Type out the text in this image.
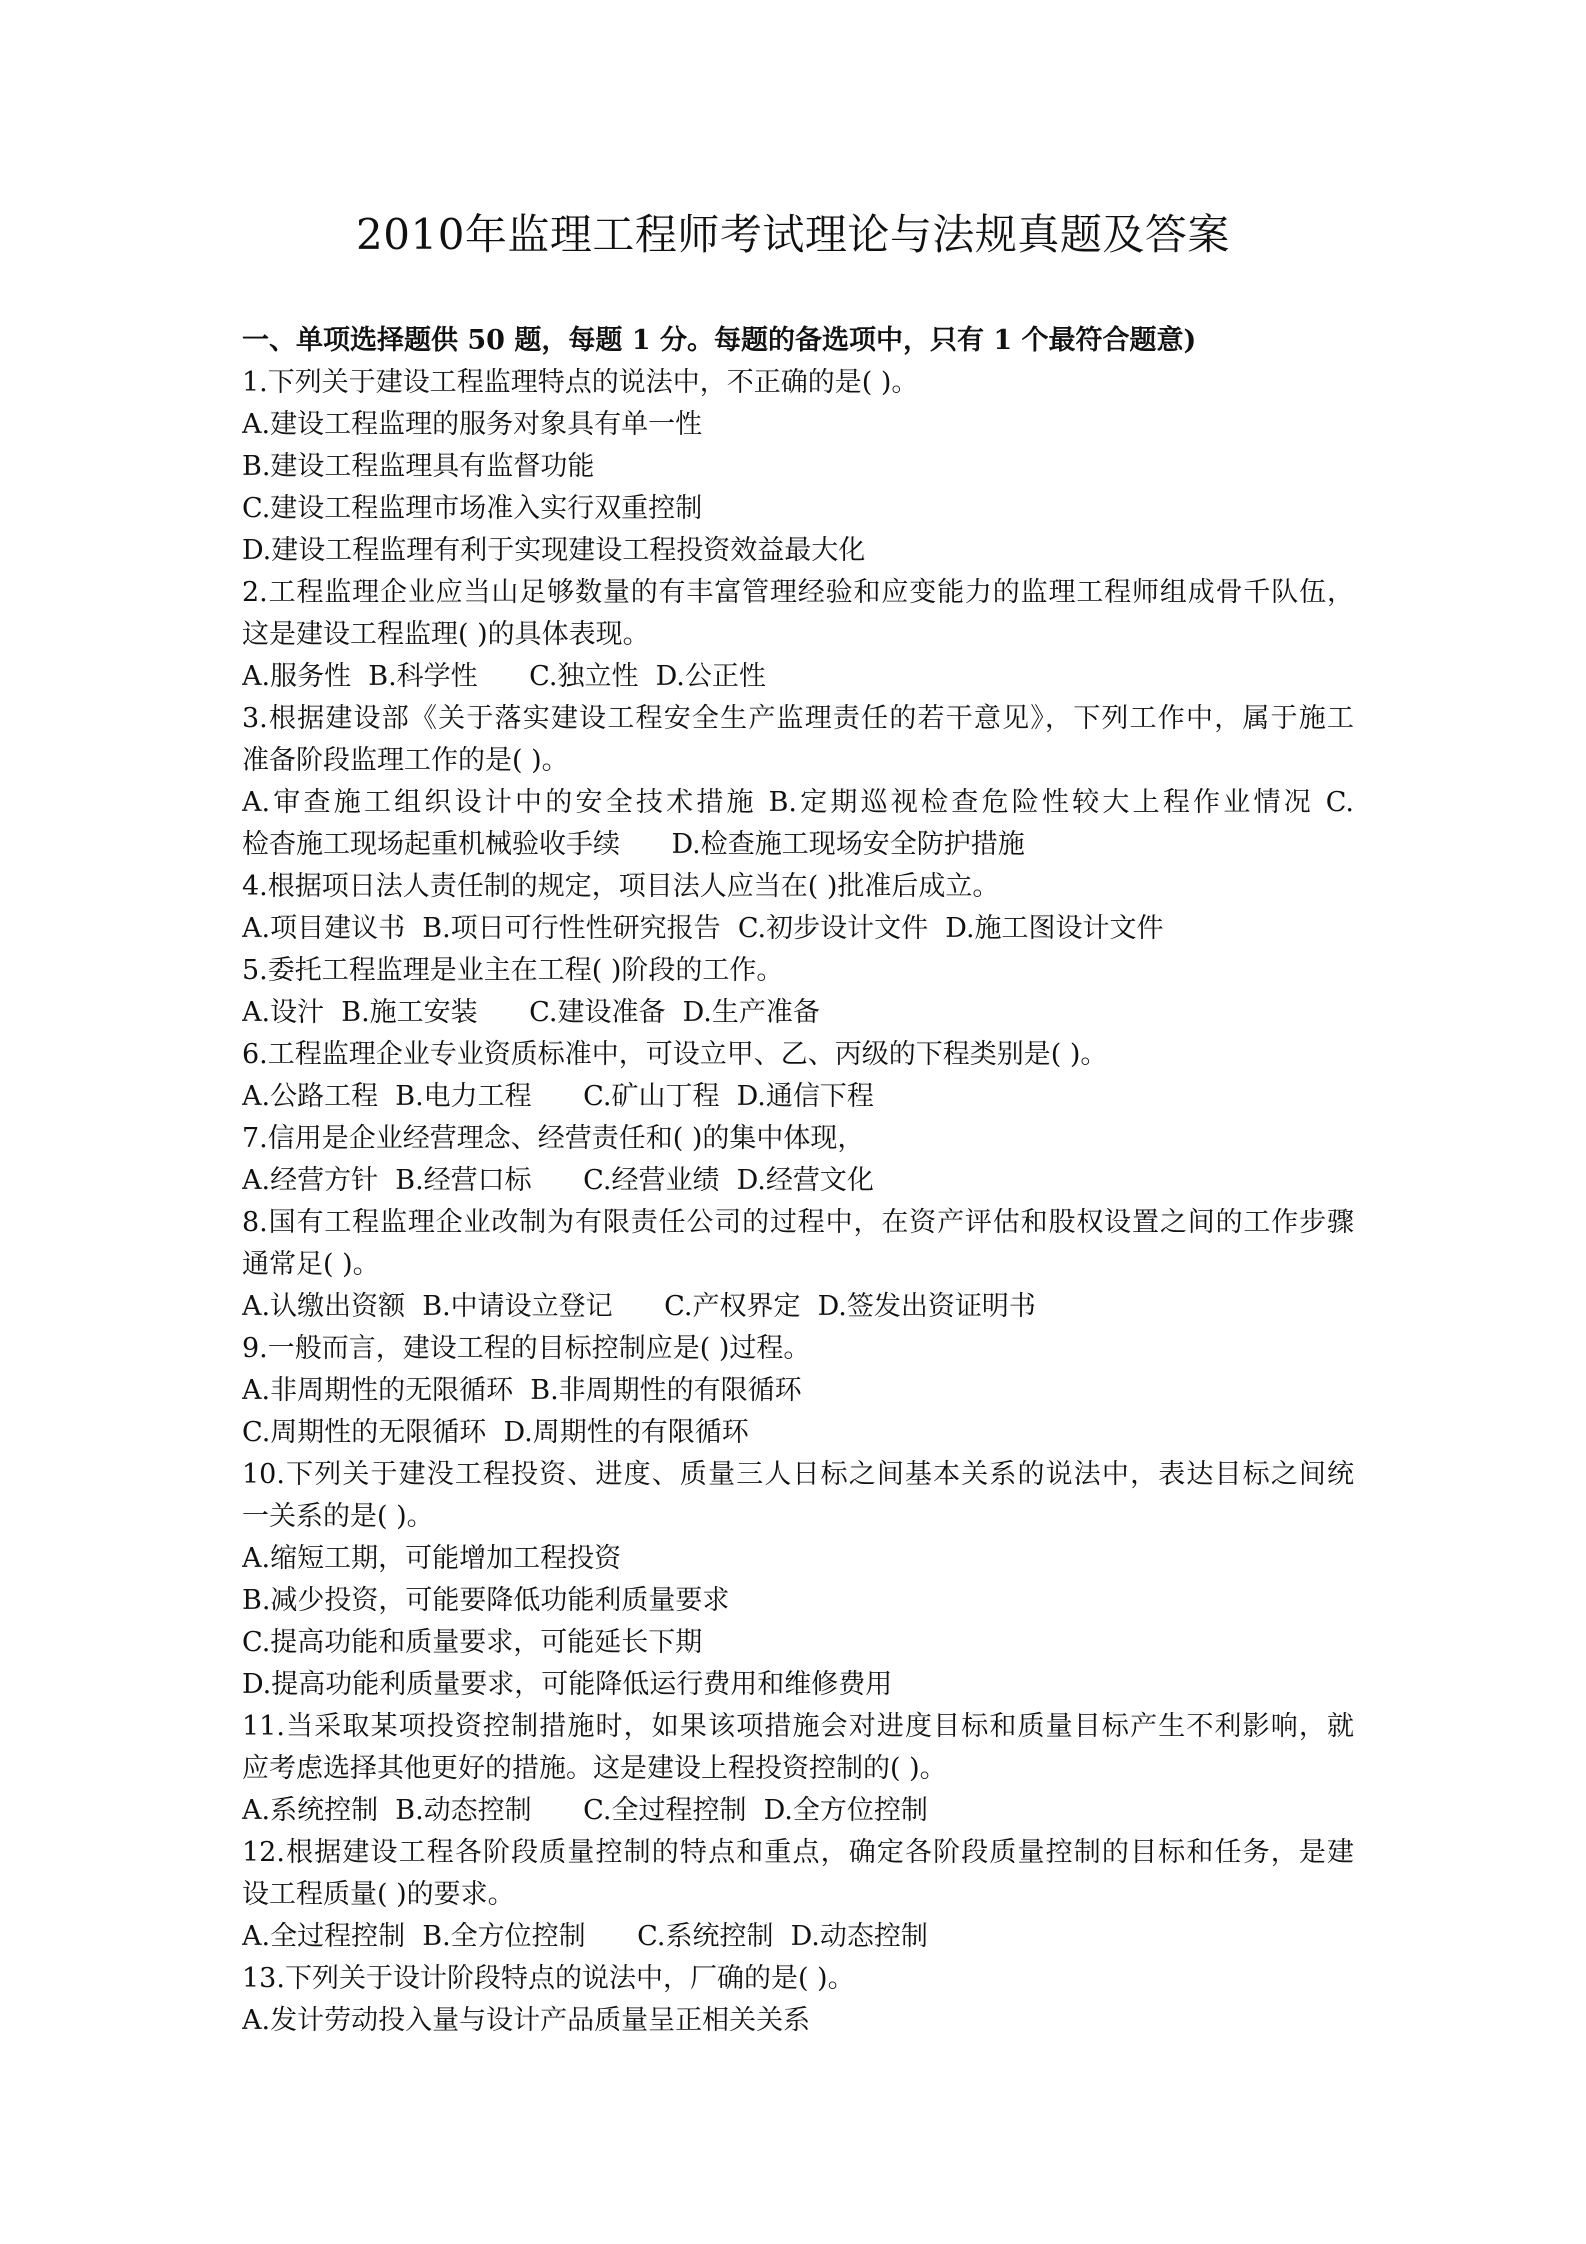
2010年监理工程师考试理论与法规真题及答案
一、单项选择题供 50 题，每题 1 分。每题的备选项中，只有 1 个最符合题意)
1.下列关于建设工程监理特点的说法中，不正确的是( )。
A.建设工程监理的服务对象具有单一性
B.建设工程监理具有监督功能
C.建设工程监理市场准入实行双重控制
D.建设工程监理有利于实现建设工程投资效益最大化
2.工程监理企业应当山足够数量的有丰富管理经验和应变能力的监理工程师组成骨千队伍，
这是建设工程监理( )的具体表现。
A.服务性  B.科学性      C.独立性  D.公正性
3.根据建设部《关于落实建设工程安全生产监理责任的若干意见》，下列工作中，属于施工
准备阶段监理工作的是( )。
A.审查施工组织设计中的安全技术措施 B.定期巡视检查危险性较大上程作业情况 C.
检杳施工现场起重机械验收手续      D.检查施工现场安全防护措施
4.根据项日法人责任制的规定，项目法人应当在( )批准后成立。
A.项目建议书  B.项日可行性性研究报告  C.初步设计文件  D.施工图设计文件
5.委托工程监理是业主在工程( )阶段的工作。
A.设汁  B.施工安装      C.建设准备  D.生产准备
6.工程监理企业专业资质标准中，可设立甲、乙、丙级的下程类别是( )。
A.公路工程  B.电力工程      C.矿山丁程  D.通信下程
7.信用是企业经营理念、经营责任和( )的集中体现，
A.经营方针  B.经营口标      C.经营业绩  D.经营文化
8.国有工程监理企业改制为有限责任公司的过程中，在资产评估和股权设置之间的工作步骤
通常足( )。
A.认缴出资额  B.中请设立登记      C.产权界定  D.签发出资证明书
9.一般而言，建设工程的目标控制应是( )过程。
A.非周期性的无限循环  B.非周期性的有限循环
C.周期性的无限循环  D.周期性的有限循环
10.下列关于建没工程投资、进度、质量三人日标之间基本关系的说法中，表达目标之间统
一关系的是( )。
A.缩短工期，可能增加工程投资
B.减少投资，可能要降低功能利质量要求
C.提高功能和质量要求，可能延长下期
D.提高功能利质量要求，可能降低运行费用和维修费用
11.当采取某项投资控制措施时，如果该项措施会对进度目标和质量目标产生不利影响，就
应考虑选择其他更好的措施。这是建设上程投资控制的( )。
A.系统控制  B.动态控制      C.全过程控制  D.全方位控制
12.根据建设工程各阶段质量控制的特点和重点，确定各阶段质量控制的目标和任务，是建
设工程质量( )的要求。
A.全过程控制  B.全方位控制      C.系统控制  D.动态控制
13.下列关于设计阶段特点的说法中，厂确的是( )。
A.发计劳动投入量与设计产品质量呈正相关关系
